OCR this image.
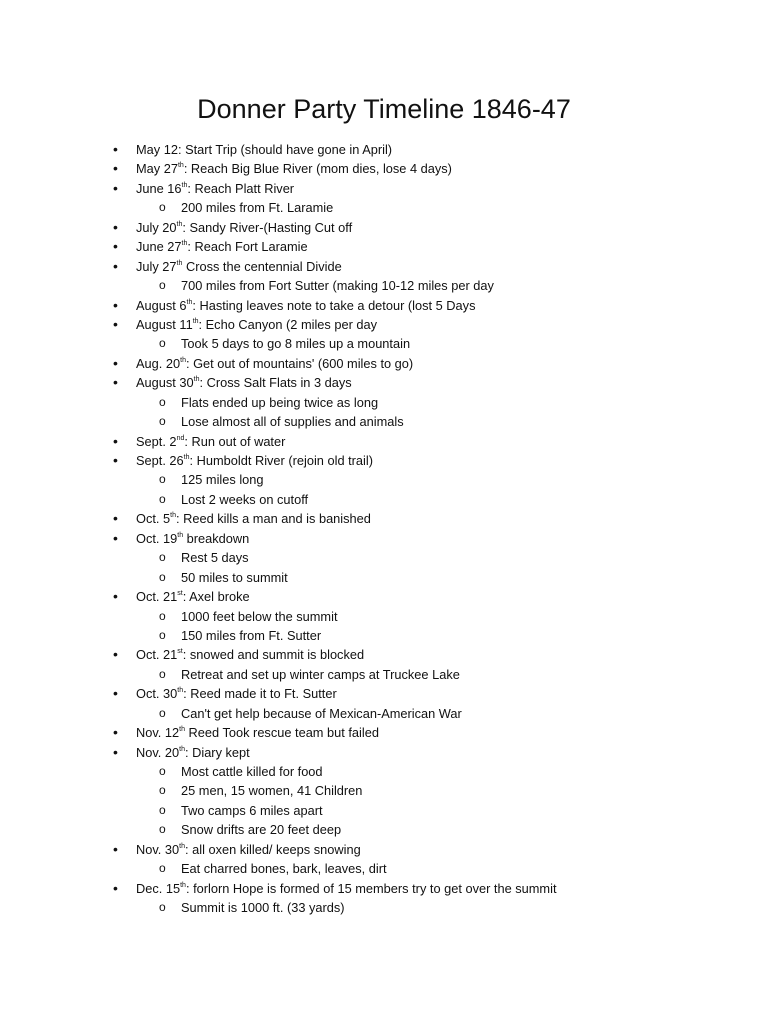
Donner Party Timeline 1846-47
• May 12: Start Trip (should have gone in April)
• May 27th: Reach Big Blue River (mom dies, lose 4 days)
• June 16th: Reach Platt River
o 200 miles from Ft. Laramie
• July 20th: Sandy River-(Hasting Cut off
• June 27th: Reach Fort Laramie
• July 27th Cross the centennial Divide
o 700 miles from Fort Sutter (making 10-12 miles per day
• August 6th: Hasting leaves note to take a detour (lost 5 Days
• August 11th: Echo Canyon (2 miles per day
o Took 5 days to go 8 miles up a mountain
• Aug. 20th: Get out of mountains' (600 miles to go)
• August 30th: Cross Salt Flats in 3 days
o Flats ended up being twice as long
o Lose almost all of supplies and animals
• Sept. 2nd: Run out of water
• Sept. 26th: Humboldt River (rejoin old trail)
o 125 miles long
o Lost 2 weeks on cutoff
• Oct. 5th: Reed kills a man and is banished
• Oct. 19th breakdown
o Rest 5 days
o 50 miles to summit
• Oct. 21st: Axel broke
o 1000 feet below the summit
o 150 miles from Ft. Sutter
• Oct. 21st: snowed and summit is blocked
o Retreat and set up winter camps at Truckee Lake
• Oct. 30th: Reed made it to Ft. Sutter
o Can't get help because of Mexican-American War
• Nov. 12th Reed Took rescue team but failed
• Nov. 20th: Diary kept
o Most cattle killed for food
o 25 men, 15 women, 41 Children
o Two camps 6 miles apart
o Snow drifts are 20 feet deep
• Nov. 30th: all oxen killed/ keeps snowing
o Eat charred bones, bark, leaves, dirt
• Dec. 15th: forlorn Hope is formed of 15 members try to get over the summit
o Summit is 1000 ft. (33 yards)
